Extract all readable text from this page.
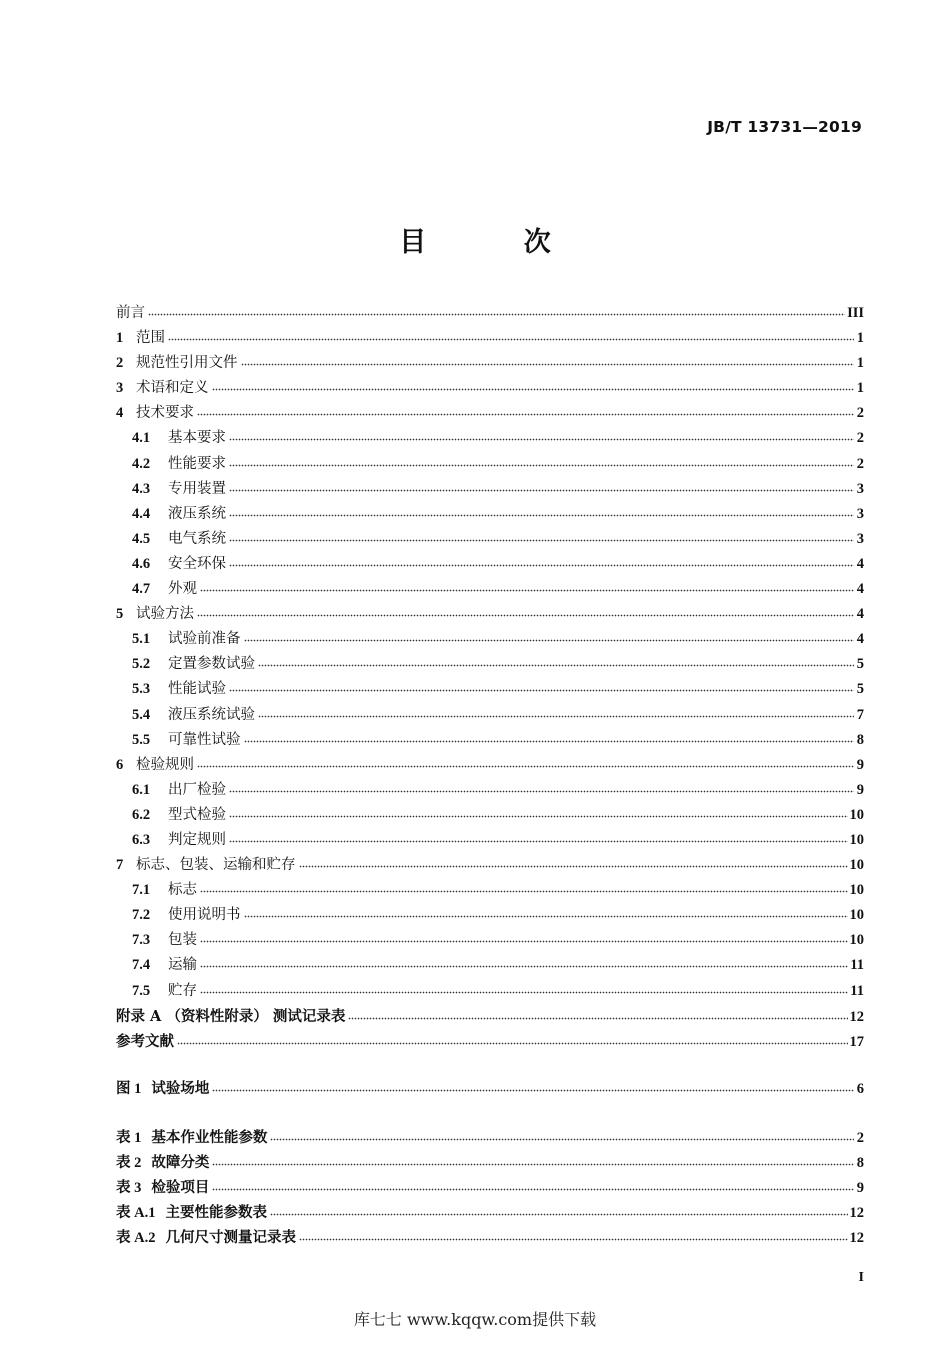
JB/T 13731—2019
目 次
前言	III
1 范围	1
2 规范性引用文件	1
3 术语和定义	1
4 技术要求	2
4.1	基本要求	2
4.2	性能要求	2
4.3	专用装置	3
4.4	液压系统	3
4.5	电气系统	3
4.6	安全环保	4
4.7	外观	4
5 试验方法	4
5.1	试验前准备	4
5.2	定置参数试验	5
5.3	性能试验	5
5.4	液压系统试验	7
5.5	可靠性试验	8
6 检验规则	9
6.1	出厂检验	9
6.2	型式检验	10
6.3	判定规则	10
7 标志、包装、运输和贮存	10
7.1	标志	10
7.2	使用说明书	10
7.3	包装	10
7.4	运输	11
7.5	贮存	11
附录 A （资料性附录） 测试记录表	12
参考文献	17
图 1 试验场地	6
表 1 基本作业性能参数	2
表 2 故障分类	8
表 3 检验项目	9
表 A.1 主要性能参数表	12
表 A.2 几何尺寸测量记录表	12
I
库七七 www.kqqw.com提供下载
